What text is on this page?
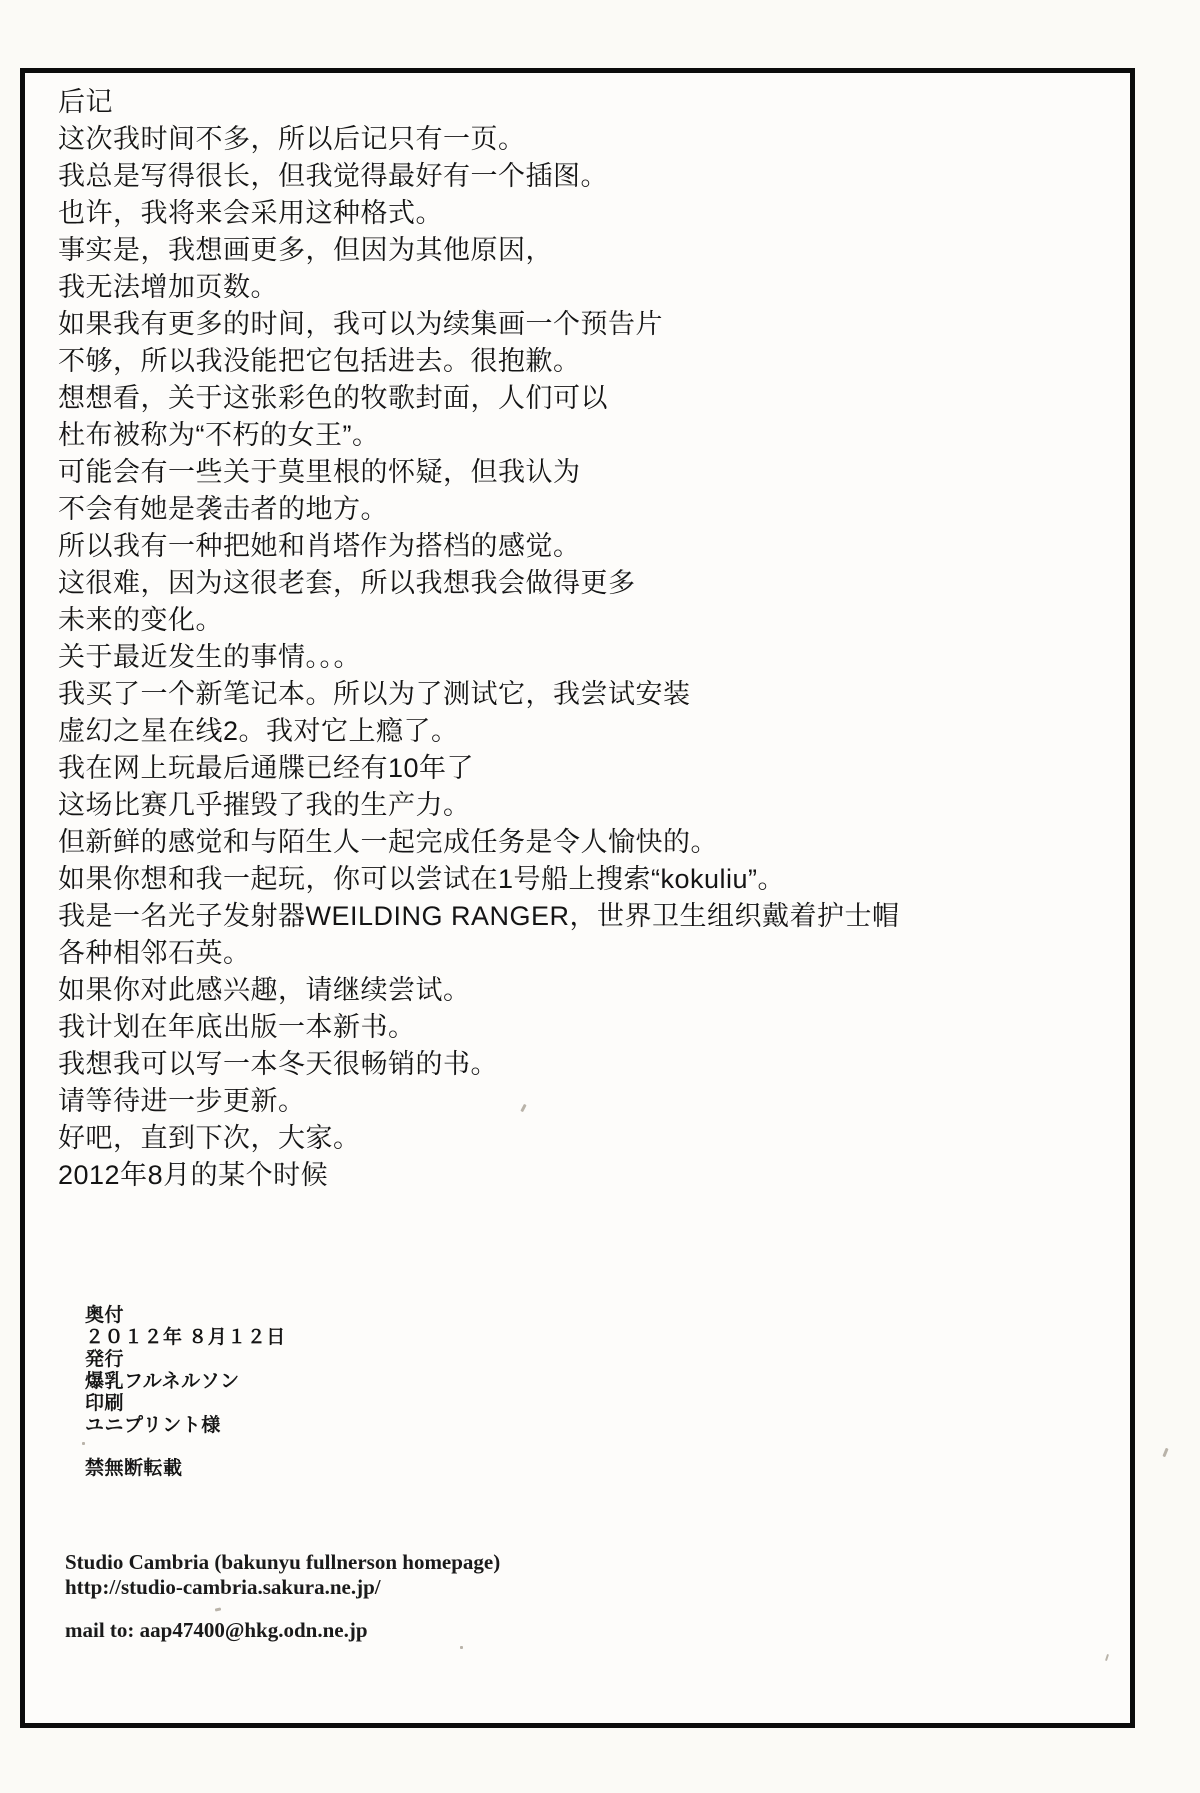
后记
这次我时间不多，所以后记只有一页。
我总是写得很长，但我觉得最好有一个插图。
也许，我将来会采用这种格式。
事实是，我想画更多，但因为其他原因，
我无法增加页数。
如果我有更多的时间，我可以为续集画一个预告片
不够，所以我没能把它包括进去。很抱歉。
想想看，关于这张彩色的牧歌封面，人们可以
杜布被称为“不朽的女王”。
可能会有一些关于莫里根的怀疑，但我认为
不会有她是袭击者的地方。
所以我有一种把她和肖塔作为搭档的感觉。
这很难，因为这很老套，所以我想我会做得更多
未来的变化。
关于最近发生的事情。。。
我买了一个新笔记本。所以为了测试它，我尝试安装
虚幻之星在线2。我对它上瘾了。
我在网上玩最后通牒已经有10年了
这场比赛几乎摧毁了我的生产力。
但新鲜的感觉和与陌生人一起完成任务是令人愉快的。
如果你想和我一起玩，你可以尝试在1号船上搜索“kokuliu”。
我是一名光子发射器WEILDING RANGER，世界卫生组织戴着护士帽
各种相邻石英。
如果你对此感兴趣，请继续尝试。
我计划在年底出版一本新书。
我想我可以写一本冬天很畅销的书。
请等待进一步更新。
好吧，直到下次，大家。
2012年8月的某个时候
奥付
２０１２年 ８月１２日
発行
爆乳フルネルソン
印刷
ユニプリント様
禁無断転載
Studio Cambria (bakunyu fullnerson homepage)
http://studio-cambria.sakura.ne.jp/
mail to: aap47400@hkg.odn.ne.jp
